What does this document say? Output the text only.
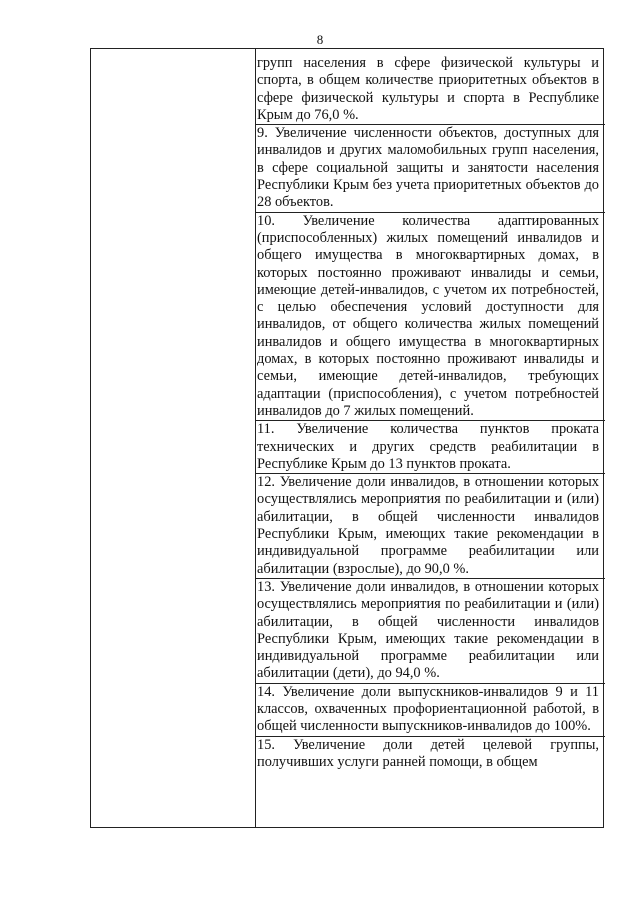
8

групп населения в сфере физической культуры и спорта, в общем количестве приоритетных объектов в сфере физической культуры и спорта в Республике Крым до 76,0 %.

9. Увеличение численности объектов, доступных для инвалидов и других маломобильных групп населения, в сфере социальной защиты и занятости населения Республики Крым без учета приоритетных объектов до 28 объектов.

10. Увеличение количества адаптированных (приспособленных) жилых помещений инвалидов и общего имущества в многоквартирных домах, в которых постоянно проживают инвалиды и семьи, имеющие детей-инвалидов, с учетом их потребностей, с целью обеспечения условий доступности для инвалидов, от общего количества жилых помещений инвалидов и общего имущества в многоквартирных домах, в которых постоянно проживают инвалиды и семьи, имеющие детей-инвалидов, требующих адаптации (приспособления), с учетом потребностей инвалидов до 7 жилых помещений.

11. Увеличение количества пунктов проката технических и других средств реабилитации в Республике Крым до 13 пунктов проката.

12. Увеличение доли инвалидов, в отношении которых осуществлялись мероприятия по реабилитации и (или) абилитации, в общей численности инвалидов Республики Крым, имеющих такие рекомендации в индивидуальной программе реабилитации или абилитации (взрослые), до 90,0 %.

13. Увеличение доли инвалидов, в отношении которых осуществлялись мероприятия по реабилитации и (или) абилитации, в общей численности инвалидов Республики Крым, имеющих такие рекомендации в индивидуальной программе реабилитации или абилитации (дети), до 94,0 %.

14. Увеличение доли выпускников-инвалидов 9 и 11 классов, охваченных профориентационной работой, в общей численности выпускников-инвалидов до 100%.

15. Увеличение доли детей целевой группы, получивших услуги ранней помощи, в общем
